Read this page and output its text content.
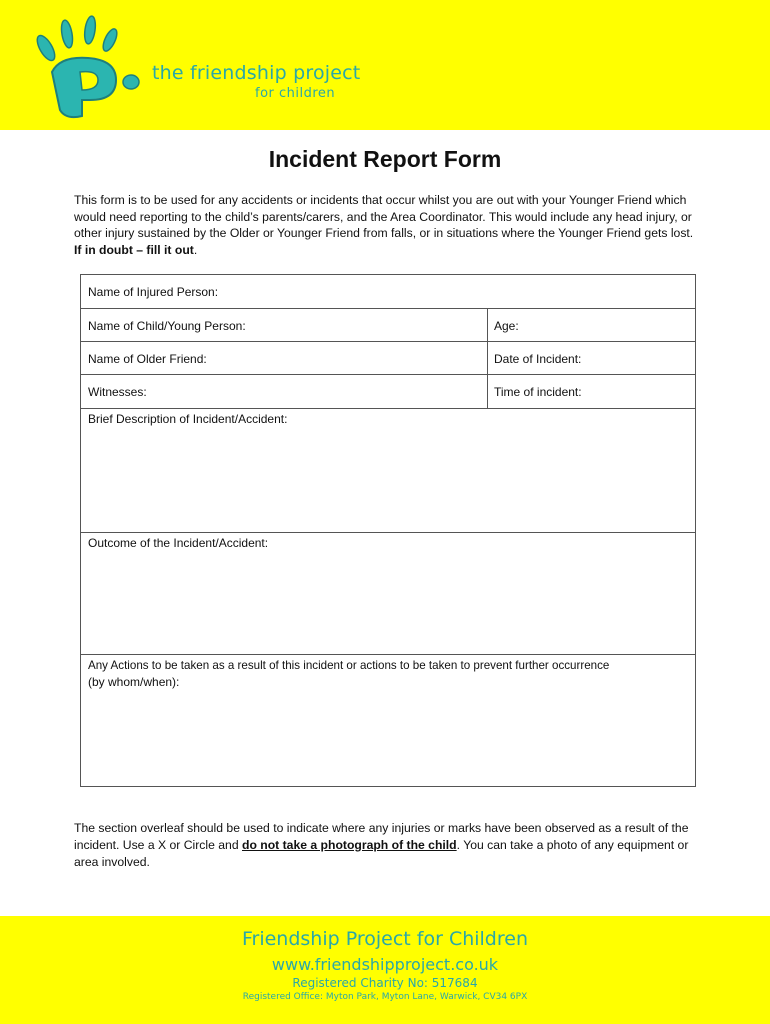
the friendship project
for children
Incident Report Form
This form is to be used for any accidents or incidents that occur whilst you are out with your Younger Friend which would need reporting to the child’s parents/carers, and the Area Coordinator. This would include any head injury, or other injury sustained by the Older or Younger Friend from falls, or in situations where the Younger Friend gets lost. If in doubt – fill it out.
Name of Injured Person:
Name of Child/Young Person:	Age:
Name of Older Friend:	Date of Incident:
Witnesses:	Time of incident:
Brief Description of Incident/Accident:
Outcome of the Incident/Accident:
Any Actions to be taken as a result of this incident or actions to be taken to prevent further occurrence
(by whom/when):
The section overleaf should be used to indicate where any injuries or marks have been observed as a result of the incident. Use a X or Circle and do not take a photograph of the child. You can take a photo of any equipment or area involved.
Friendship Project for Children
www.friendshipproject.co.uk
Registered Charity No: 517684
Registered Office: Myton Park, Myton Lane, Warwick, CV34 6PX
